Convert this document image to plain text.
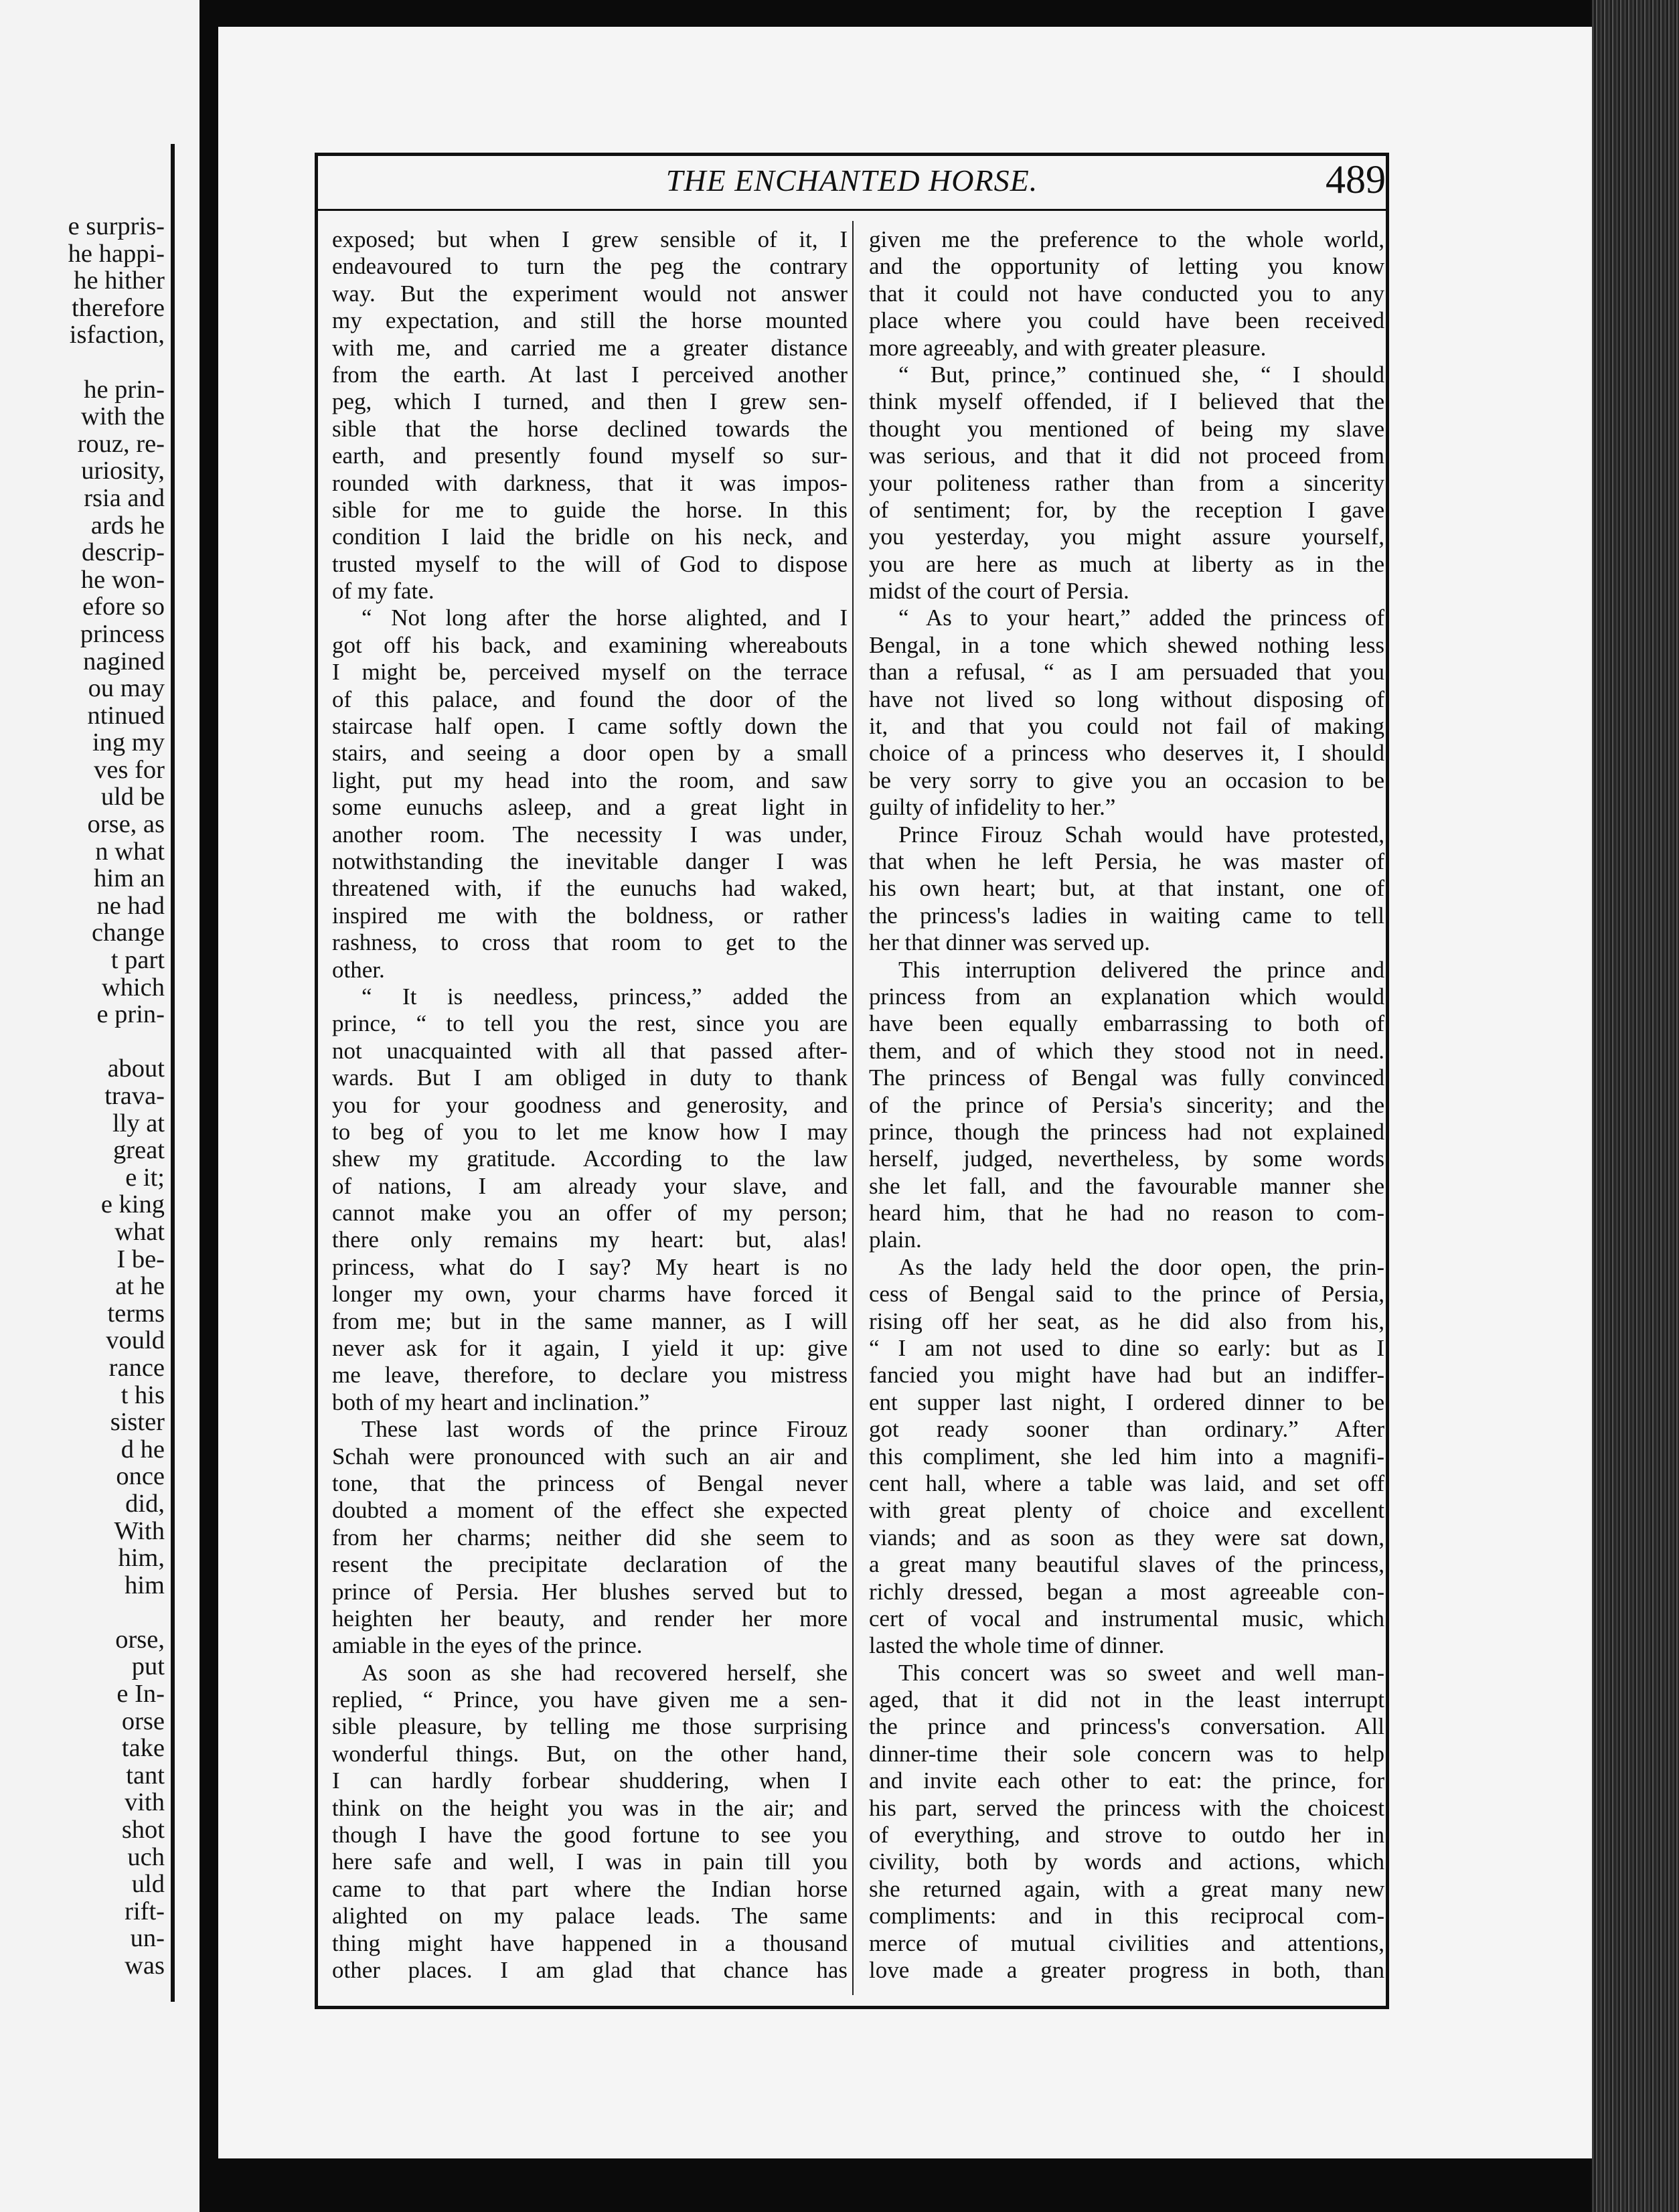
e surpris-
he happi-
he hither
therefore
isfaction,
he prin-
with the
rouz, re-
uriosity,
rsia and
ards he
descrip-
he won-
efore so
princess
nagined
ou may
ntinued
ing my
ves for
uld be
orse, as
n what
him an
ne had
change
t part
which
e prin-
about
trava-
lly at
great
e it;
e king
what
I be-
at he
terms
vould
rance
t his
sister
d he
once
did,
With
him,
him
orse,
put
e In-
orse
take
tant
vith
shot
uch
uld
rift-
un-
was
THE ENCHANTED HORSE.	489
exposed; but when I grew sensible of it, I
endeavoured to turn the peg the contrary
way. But the experiment would not answer
my expectation, and still the horse mounted
with me, and carried me a greater distance
from the earth. At last I perceived another
peg, which I turned, and then I grew sen-
sible that the horse declined towards the
earth, and presently found myself so sur-
rounded with darkness, that it was impos-
sible for me to guide the horse. In this
condition I laid the bridle on his neck, and
trusted myself to the will of God to dispose
of my fate.
“ Not long after the horse alighted, and I
got off his back, and examining whereabouts
I might be, perceived myself on the terrace
of this palace, and found the door of the
staircase half open. I came softly down the
stairs, and seeing a door open by a small
light, put my head into the room, and saw
some eunuchs asleep, and a great light in
another room. The necessity I was under,
notwithstanding the inevitable danger I was
threatened with, if the eunuchs had waked,
inspired me with the boldness, or rather
rashness, to cross that room to get to the
other.
“ It is needless, princess,” added the
prince, “ to tell you the rest, since you are
not unacquainted with all that passed after-
wards. But I am obliged in duty to thank
you for your goodness and generosity, and
to beg of you to let me know how I may
shew my gratitude. According to the law
of nations, I am already your slave, and
cannot make you an offer of my person;
there only remains my heart: but, alas!
princess, what do I say? My heart is no
longer my own, your charms have forced it
from me; but in the same manner, as I will
never ask for it again, I yield it up: give
me leave, therefore, to declare you mistress
both of my heart and inclination.”
These last words of the prince Firouz
Schah were pronounced with such an air and
tone, that the princess of Bengal never
doubted a moment of the effect she expected
from her charms; neither did she seem to
resent the precipitate declaration of the
prince of Persia. Her blushes served but to
heighten her beauty, and render her more
amiable in the eyes of the prince.
As soon as she had recovered herself, she
replied, “ Prince, you have given me a sen-
sible pleasure, by telling me those surprising
wonderful things. But, on the other hand,
I can hardly forbear shuddering, when I
think on the height you was in the air; and
though I have the good fortune to see you
here safe and well, I was in pain till you
came to that part where the Indian horse
alighted on my palace leads. The same
thing might have happened in a thousand
other places. I am glad that chance has
given me the preference to the whole world,
and the opportunity of letting you know
that it could not have conducted you to any
place where you could have been received
more agreeably, and with greater pleasure.
“ But, prince,” continued she, “ I should
think myself offended, if I believed that the
thought you mentioned of being my slave
was serious, and that it did not proceed from
your politeness rather than from a sincerity
of sentiment; for, by the reception I gave
you yesterday, you might assure yourself,
you are here as much at liberty as in the
midst of the court of Persia.
“ As to your heart,” added the princess of
Bengal, in a tone which shewed nothing less
than a refusal, “ as I am persuaded that you
have not lived so long without disposing of
it, and that you could not fail of making
choice of a princess who deserves it, I should
be very sorry to give you an occasion to be
guilty of infidelity to her.”
Prince Firouz Schah would have protested,
that when he left Persia, he was master of
his own heart; but, at that instant, one of
the princess's ladies in waiting came to tell
her that dinner was served up.
This interruption delivered the prince and
princess from an explanation which would
have been equally embarrassing to both of
them, and of which they stood not in need.
The princess of Bengal was fully convinced
of the prince of Persia's sincerity; and the
prince, though the princess had not explained
herself, judged, nevertheless, by some words
she let fall, and the favourable manner she
heard him, that he had no reason to com-
plain.
As the lady held the door open, the prin-
cess of Bengal said to the prince of Persia,
rising off her seat, as he did also from his,
“ I am not used to dine so early: but as I
fancied you might have had but an indiffer-
ent supper last night, I ordered dinner to be
got ready sooner than ordinary.” After
this compliment, she led him into a magnifi-
cent hall, where a table was laid, and set off
with great plenty of choice and excellent
viands; and as soon as they were sat down,
a great many beautiful slaves of the princess,
richly dressed, began a most agreeable con-
cert of vocal and instrumental music, which
lasted the whole time of dinner.
This concert was so sweet and well man-
aged, that it did not in the least interrupt
the prince and princess's conversation. All
dinner-time their sole concern was to help
and invite each other to eat: the prince, for
his part, served the princess with the choicest
of everything, and strove to outdo her in
civility, both by words and actions, which
she returned again, with a great many new
compliments: and in this reciprocal com-
merce of mutual civilities and attentions,
love made a greater progress in both, than
